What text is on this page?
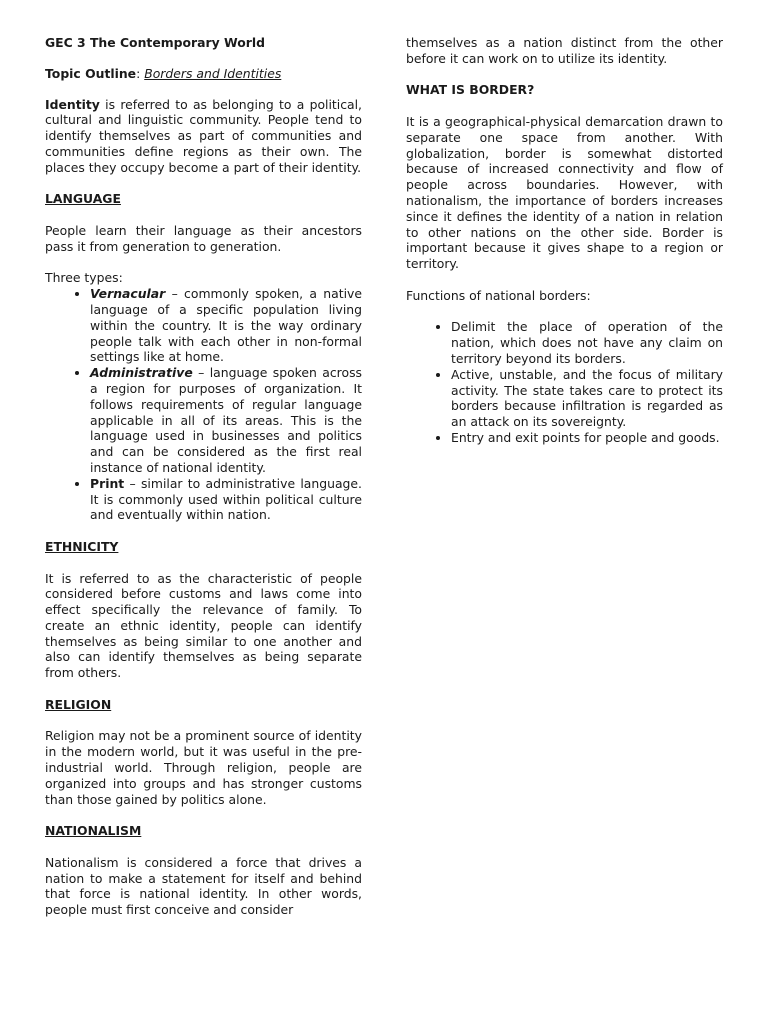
GEC 3 The Contemporary World
Topic Outline: Borders and Identities

Identity is referred to as belonging to a political, cultural and linguistic community. People tend to identify themselves as part of communities and communities define regions as their own. The places they occupy become a part of their identity.

LANGUAGE

People learn their language as their ancestors pass it from generation to generation.

Three types:
• Vernacular – commonly spoken, a native language of a specific population living within the country. It is the way ordinary people talk with each other in non-formal settings like at home.
• Administrative – language spoken across a region for purposes of organization. It follows requirements of regular language applicable in all of its areas. This is the language used in businesses and politics and can be considered as the first real instance of national identity.
• Print – similar to administrative language. It is commonly used within political culture and eventually within nation.
ETHNICITY

It is referred to as the characteristic of people considered before customs and laws come into effect specifically the relevance of family. To create an ethnic identity, people can identify themselves as being similar to one another and also can identify themselves as being separate from others.

RELIGION

Religion may not be a prominent source of identity in the modern world, but it was useful in the pre-industrial world. Through religion, people are organized into groups and has stronger customs than those gained by politics alone.

NATIONALISM

Nationalism is considered a force that drives a nation to make a statement for itself and behind that force is national identity. In other words, people must first conceive and consider

themselves as a nation distinct from the other before it can work on to utilize its identity.

WHAT IS BORDER?

It is a geographical-physical demarcation drawn to separate one space from another. With globalization, border is somewhat distorted because of increased connectivity and flow of people across boundaries. However, with nationalism, the importance of borders increases since it defines the identity of a nation in relation to other nations on the other side. Border is important because it gives shape to a region or territory.

Functions of national borders:

• Delimit the place of operation of the nation, which does not have any claim on territory beyond its borders.
• Active, unstable, and the focus of military activity. The state takes care to protect its borders because infiltration is regarded as an attack on its sovereignty.
• Entry and exit points for people and goods.
